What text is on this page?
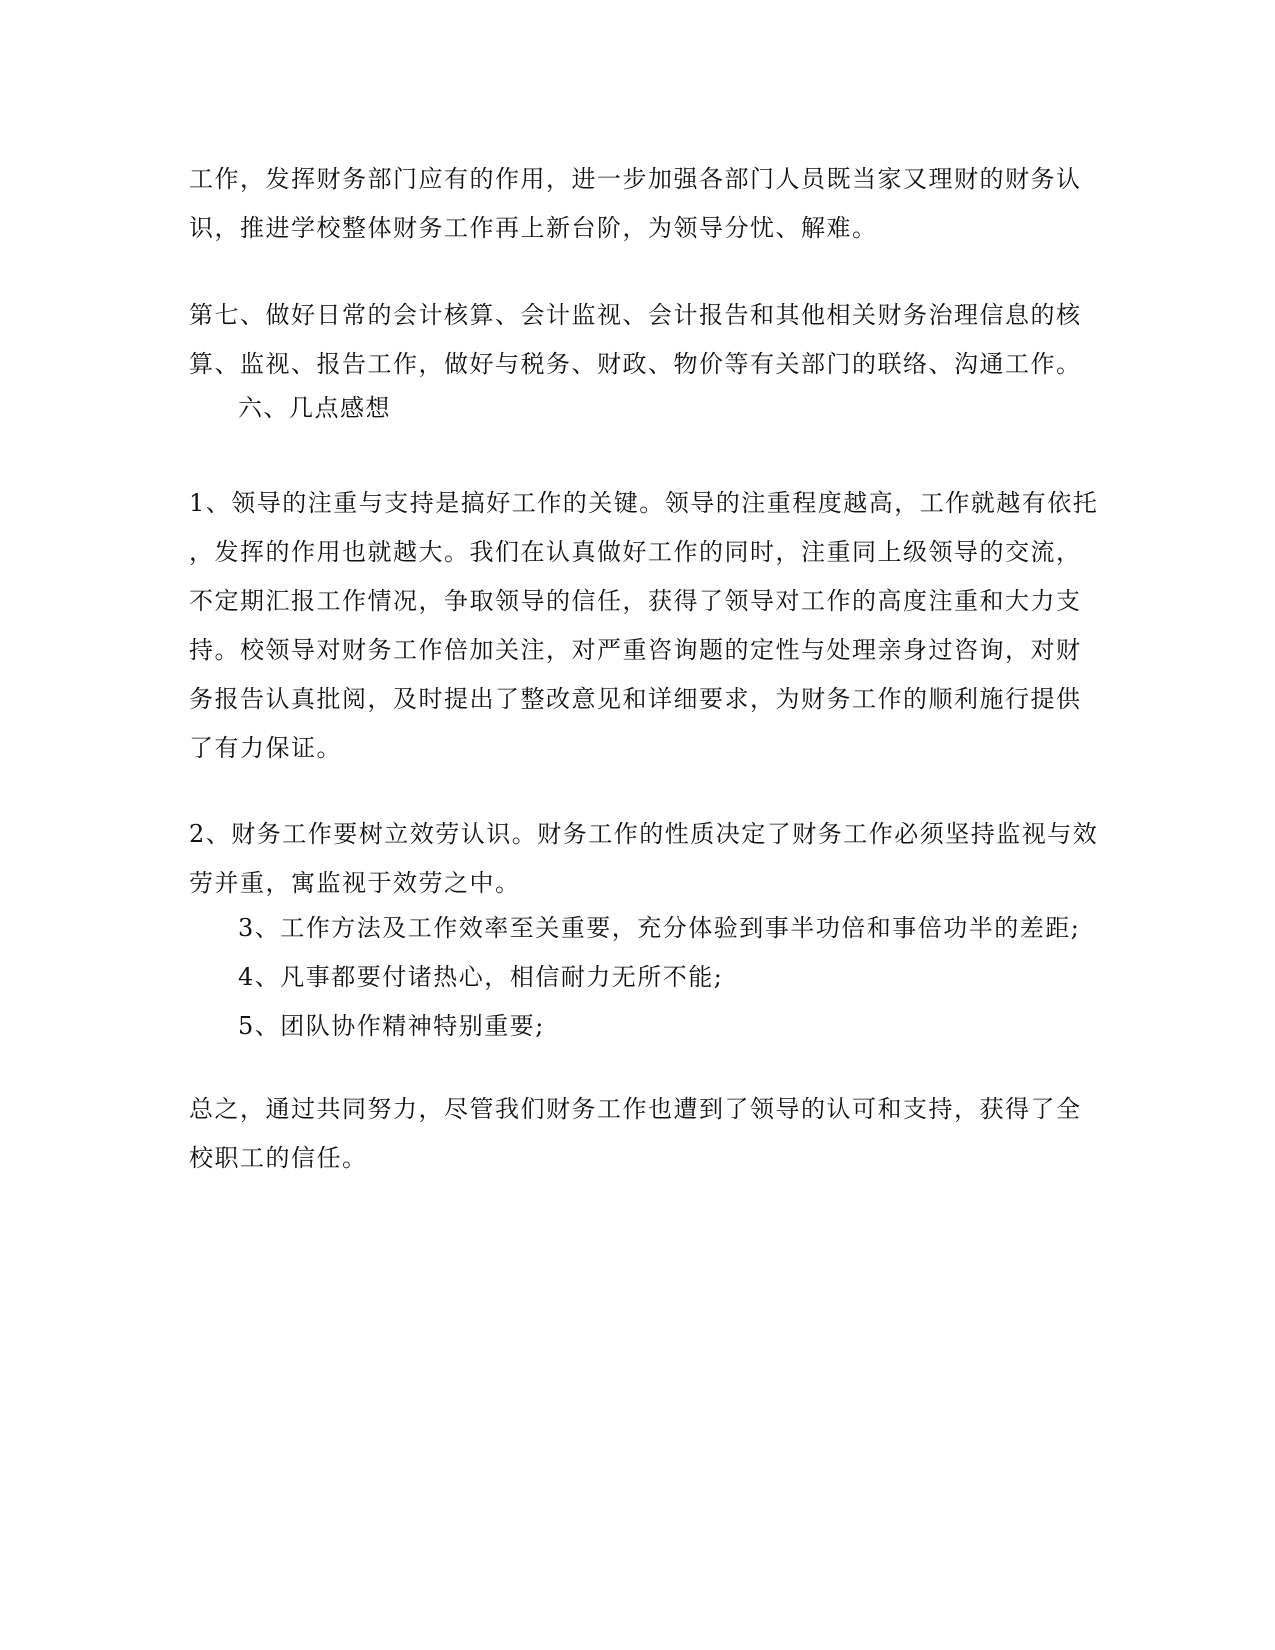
工作，发挥财务部门应有的作用，进一步加强各部门人员既当家又理财的财务认
识，推进学校整体财务工作再上新台阶，为领导分忧、解难。
第七、做好日常的会计核算、会计监视、会计报告和其他相关财务治理信息的核
算、监视、报告工作，做好与税务、财政、物价等有关部门的联络、沟通工作。
六、几点感想
1、领导的注重与支持是搞好工作的关键。领导的注重程度越高，工作就越有依托
，发挥的作用也就越大。我们在认真做好工作的同时，注重同上级领导的交流，
不定期汇报工作情况，争取领导的信任，获得了领导对工作的高度注重和大力支
持。校领导对财务工作倍加关注，对严重咨询题的定性与处理亲身过咨询，对财
务报告认真批阅，及时提出了整改意见和详细要求，为财务工作的顺利施行提供
了有力保证。
2、财务工作要树立效劳认识。财务工作的性质决定了财务工作必须坚持监视与效
劳并重，寓监视于效劳之中。
3、工作方法及工作效率至关重要，充分体验到事半功倍和事倍功半的差距;
4、凡事都要付诸热心，相信耐力无所不能;
5、团队协作精神特别重要;
总之，通过共同努力，尽管我们财务工作也遭到了领导的认可和支持，获得了全
校职工的信任。
